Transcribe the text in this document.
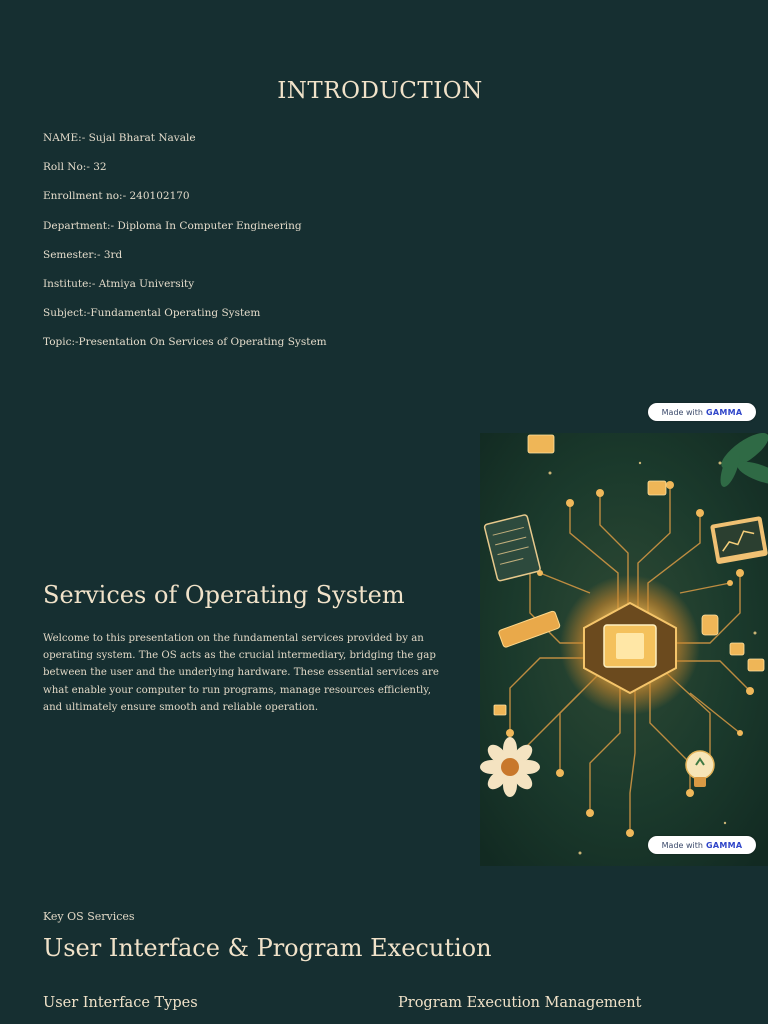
INTRODUCTION
NAME:- Sujal Bharat Navale
Roll No:- 32
Enrollment no:- 240102170
Department:- Diploma In Computer Engineering
Semester:- 3rd
Institute:- Atmiya University
Subject:-Fundamental Operating System
Topic:-Presentation On Services of Operating System
Made with GAMMA
Made with GAMMA
Services of Operating System

Welcome to this presentation on the fundamental services provided by an operating system. The OS acts as the crucial intermediary, bridging the gap between the user and the underlying hardware. These essential services are what enable your computer to run programs, manage resources efficiently, and ultimately ensure smooth and reliable operation.

Key OS Services
User Interface & Program Execution
User Interface Types	Program Execution Management
